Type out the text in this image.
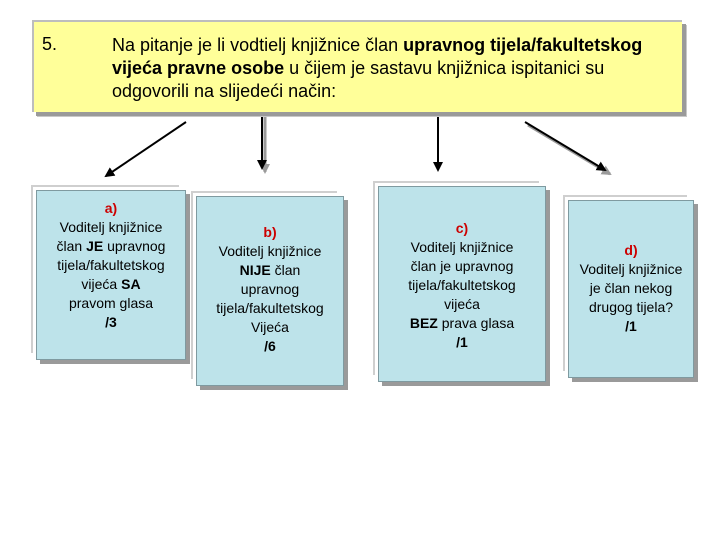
5.	Na pitanje je li vodtielj knjižnice član upravnog tijela/fakultetskog vijeća pravne osobe u čijem je sastavu knjižnica ispitanici su odgovorili na slijedeći način:
a)
Voditelj knjižnice
član JE upravnog
tijela/fakultetskog
vijeća SA
pravom glasa
/3
b)
Voditelj knjižnice
NIJE član
upravnog
tijela/fakultetskog
Vijeća
/6
c)
Voditelj knjižnice
član je upravnog
tijela/fakultetskog
vijeća
BEZ prava glasa
/1
d)
Voditelj knjižnice
je član nekog
drugog tijela?
/1
